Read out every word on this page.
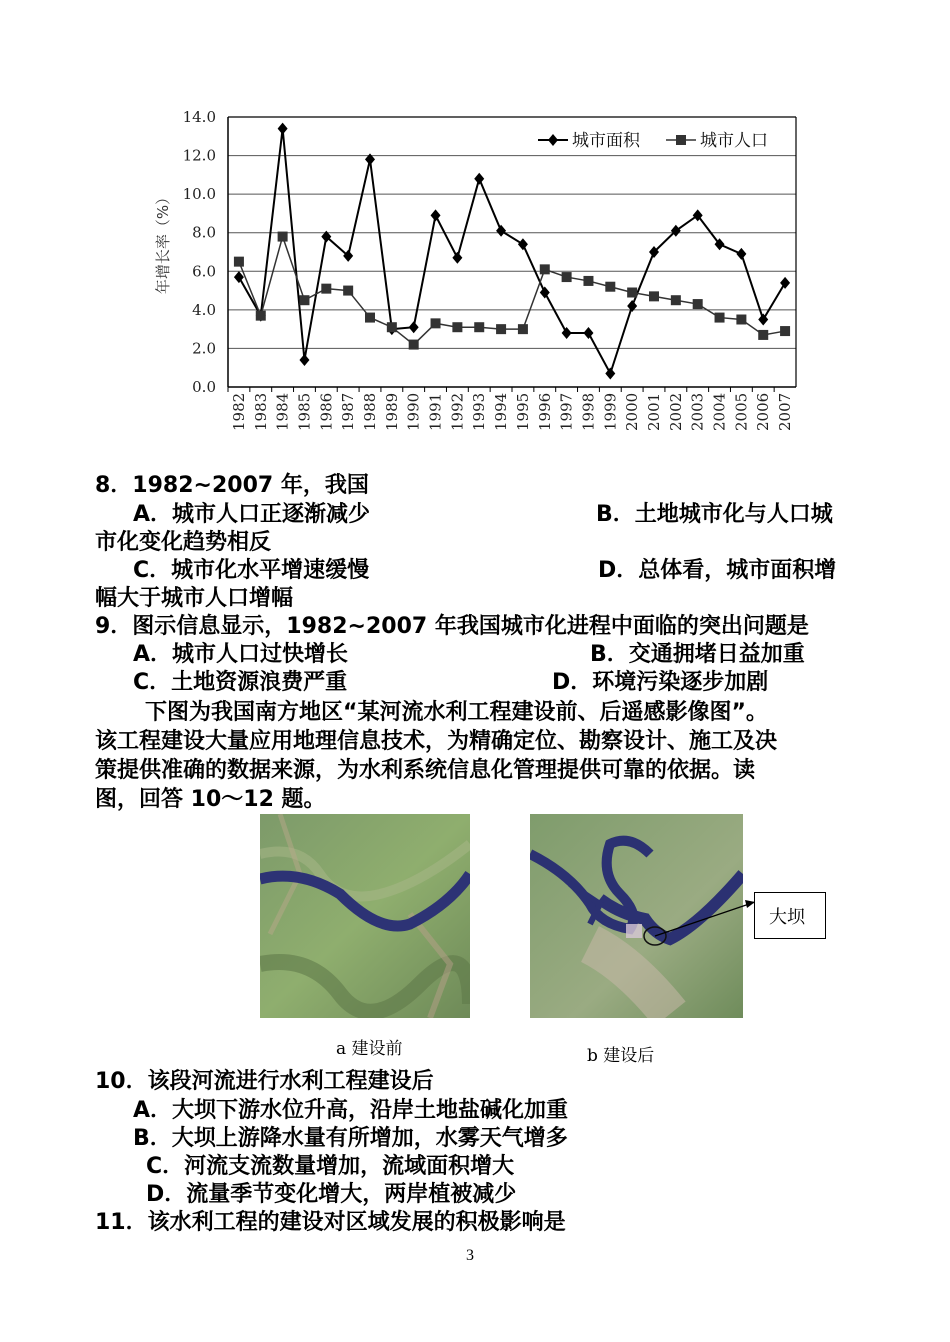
0.0
2.0
4.0
6.0
8.0
10.0
12.0
14.0
1982 1983 1984 1985 1986 1987 1988 1989 1990 1991 1992 1993 1994 1995 1996 1997 1998 1999 2000 2001 2002 2003 2004 2005 2006 2007
年增长率（%）
城市面积	城市人口
8．1982~2007 年，我国
A．城市人口正逐渐减少	B．土地城市化与人口城
市化变化趋势相反
C．城市化水平增速缓慢	D．总体看，城市面积增
幅大于城市人口增幅
9．图示信息显示，1982~2007 年我国城市化进程中面临的突出问题是
A．城市人口过快增长	B．交通拥堵日益加重
C．土地资源浪费严重	D．环境污染逐步加剧
下图为我国南方地区“某河流水利工程建设前、后遥感影像图”。
该工程建设大量应用地理信息技术，为精确定位、勘察设计、施工及决
策提供准确的数据来源，为水利系统信息化管理提供可靠的依据。读
图，回答 10～12 题。
a 建设前
大坝
b 建设后
10．该段河流进行水利工程建设后
A．大坝下游水位升高，沿岸土地盐碱化加重
B．大坝上游降水量有所增加，水雾天气增多
C．河流支流数量增加，流域面积增大
D．流量季节变化增大，两岸植被减少
11．该水利工程的建设对区域发展的积极影响是
3
